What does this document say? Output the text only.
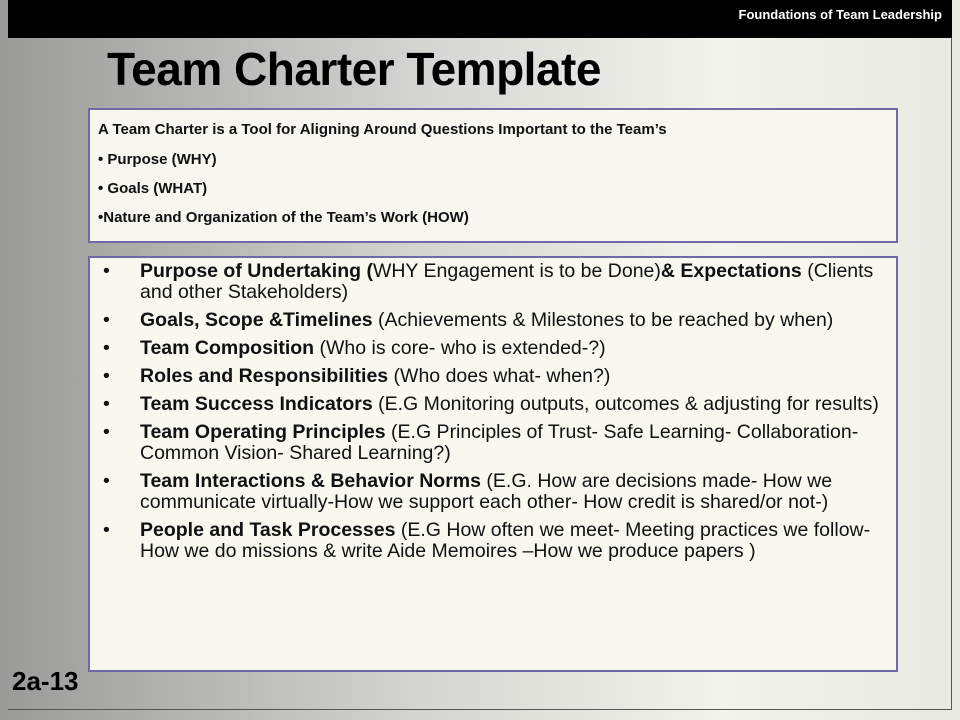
Foundations of Team Leadership
Team Charter Template
A Team Charter is a Tool for Aligning Around Questions Important to the Team’s
• Purpose (WHY)
• Goals (WHAT)
•Nature and Organization of the Team’s Work (HOW)
• Purpose of Undertaking (WHY Engagement is to be Done)& Expectations (Clients and other Stakeholders)
• Goals, Scope &Timelines (Achievements & Milestones to be reached by when)
• Team Composition (Who is core- who is extended-?)
• Roles and Responsibilities (Who does what- when?)
• Team Success Indicators (E.G Monitoring outputs, outcomes & adjusting for results)
• Team Operating Principles (E.G Principles of Trust- Safe Learning- Collaboration- Common Vision- Shared Learning?)
• Team Interactions & Behavior Norms (E.G. How are decisions made- How we communicate virtually-How we support each other- How credit is shared/or not-)
• People and Task Processes (E.G How often we meet- Meeting practices we follow- How we do missions & write Aide Memoires –How we produce papers )
2a-13
